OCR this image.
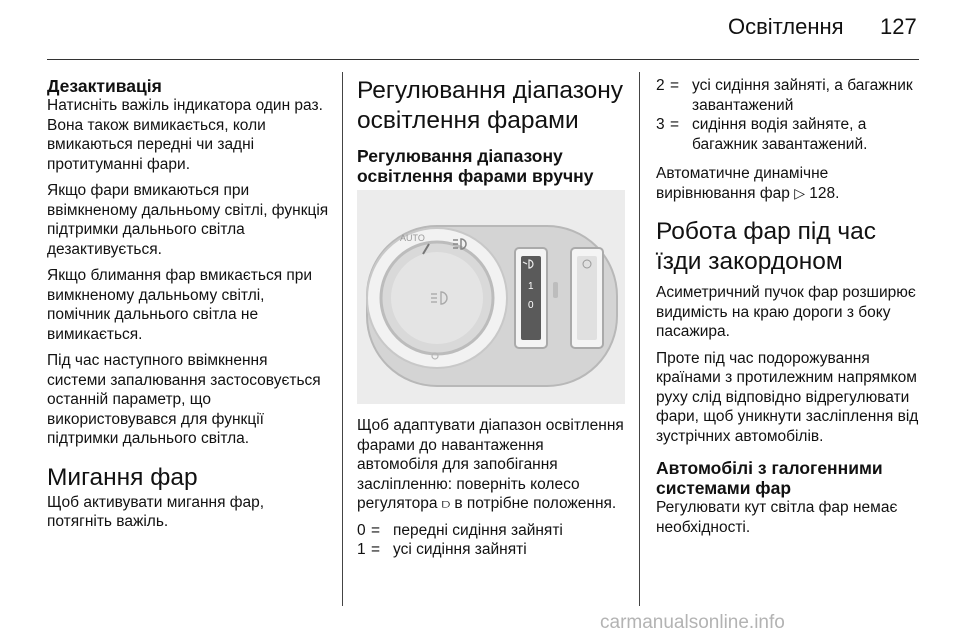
Освітлення 127
Дезактивація

Натисніть важіль індикатора один раз. Вона також вимикається, коли вмикаються передні чи задні протитуманні фари.

Якщо фари вмикаються при ввімкненому дальньому світлі, функція підтримки дальнього світла дезактивується.

Якщо блимання фар вмикається при вимкненому дальньому світлі, помічник дальнього світла не вимикається.

Під час наступного ввімкнення системи запалювання застосовується останній параметр, що використовувався для функції підтримки дальнього світла.

Мигання фар

Щоб активувати мигання фар, потягніть важіль.

Регулювання діапазону освітлення фарами
Регулювання діапазону освітлення фарами вручну
AUTO
1
0

Щоб адаптувати діапазон освітлення фарами до навантаження автомобіля для запобігання засліпленню: поверніть колесо регулятора ⫐ в потрібне положення.

0 = передні сидіння зайняті
1 = усі сидіння зайняті
2 = усі сидіння зайняті, а багажник завантажений
3 = сидіння водія зайняте, а багажник завантажений.

Автоматичне динамічне вирівнювання фар ▷ 128.

Робота фар під час їзди закордоном

Асиметричний пучок фар розширює видимість на краю дороги з боку пасажира.

Проте під час подорожування країнами з протилежним напрямком руху слід відповідно відрегулювати фари, щоб уникнути засліплення від зустрічних автомобілів.

Автомобілі з галогенними системами фар

Регулювати кут світла фар немає необхідності.

carmanualsonline.info
